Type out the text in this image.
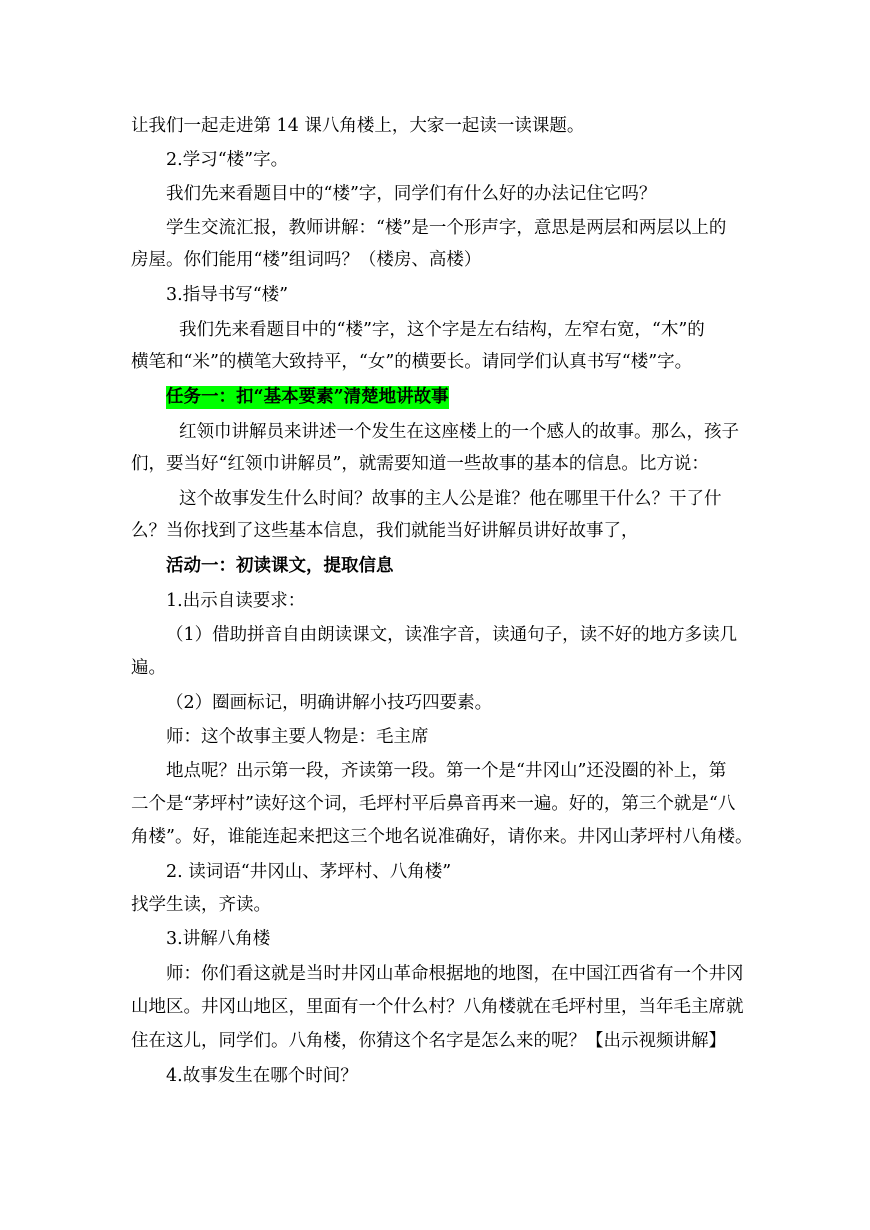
让我们一起走进第 14 课八角楼上，大家一起读一读课题。
2.学习“楼”字。
我们先来看题目中的“楼”字，同学们有什么好的办法记住它吗？
学生交流汇报，教师讲解：“楼”是一个形声字，意思是两层和两层以上的
房屋。你们能用“楼”组词吗？（楼房、高楼）
3.指导书写“楼”
我们先来看题目中的“楼”字，这个字是左右结构，左窄右宽，“木”的
横笔和“米”的横笔大致持平，“女”的横要长。请同学们认真书写“楼”字。
任务一：扣“基本要素”清楚地讲故事
红领巾讲解员来讲述一个发生在这座楼上的一个感人的故事。那么，孩子
们，要当好“红领巾讲解员”，就需要知道一些故事的基本的信息。比方说：
这个故事发生什么时间？故事的主人公是谁？他在哪里干什么？干了什
么？当你找到了这些基本信息，我们就能当好讲解员讲好故事了，
活动一：初读课文，提取信息
1.出示自读要求：
（1）借助拼音自由朗读课文，读准字音，读通句子，读不好的地方多读几
遍。
（2）圈画标记，明确讲解小技巧四要素。
师：这个故事主要人物是：毛主席
地点呢？出示第一段，齐读第一段。第一个是“井冈山”还没圈的补上，第
二个是“茅坪村”读好这个词，毛坪村平后鼻音再来一遍。好的，第三个就是“八
角楼”。好，谁能连起来把这三个地名说准确好，请你来。井冈山茅坪村八角楼。
2. 读词语“井冈山、茅坪村、八角楼”
找学生读，齐读。
3.讲解八角楼
师：你们看这就是当时井冈山革命根据地的地图，在中国江西省有一个井冈
山地区。井冈山地区，里面有一个什么村？八角楼就在毛坪村里，当年毛主席就
住在这儿，同学们。八角楼，你猜这个名字是怎么来的呢？【出示视频讲解】
4.故事发生在哪个时间？
